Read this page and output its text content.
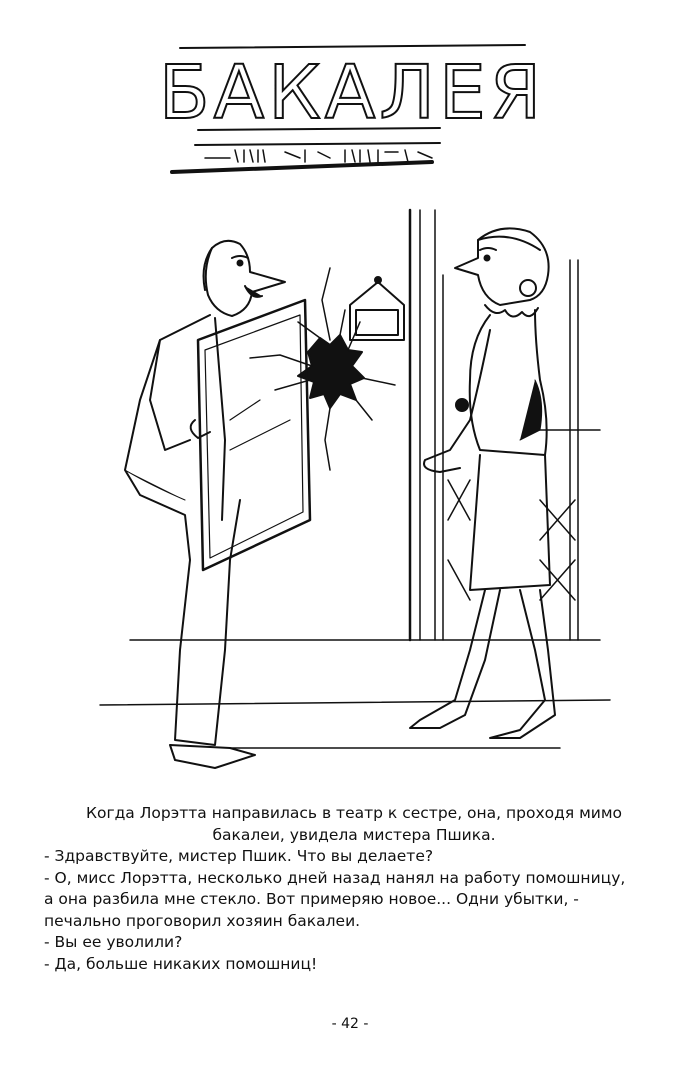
БАКАЛЕЯ

Когда Лорэтта направилась в театр к сестре, она, проходя мимо

бакалеи, увидела мистера Пшика.

- Здравствуйте, мистер Пшик. Что вы делаете?

- О, мисс Лорэтта, несколько дней назад нанял на работу помошницу,

а она разбила мне стекло. Вот примеряю новое... Одни убытки, -

печально проговорил хозяин бакалеи.

- Вы ее уволили?

- Да, больше никаких помошниц!

- 42 -
